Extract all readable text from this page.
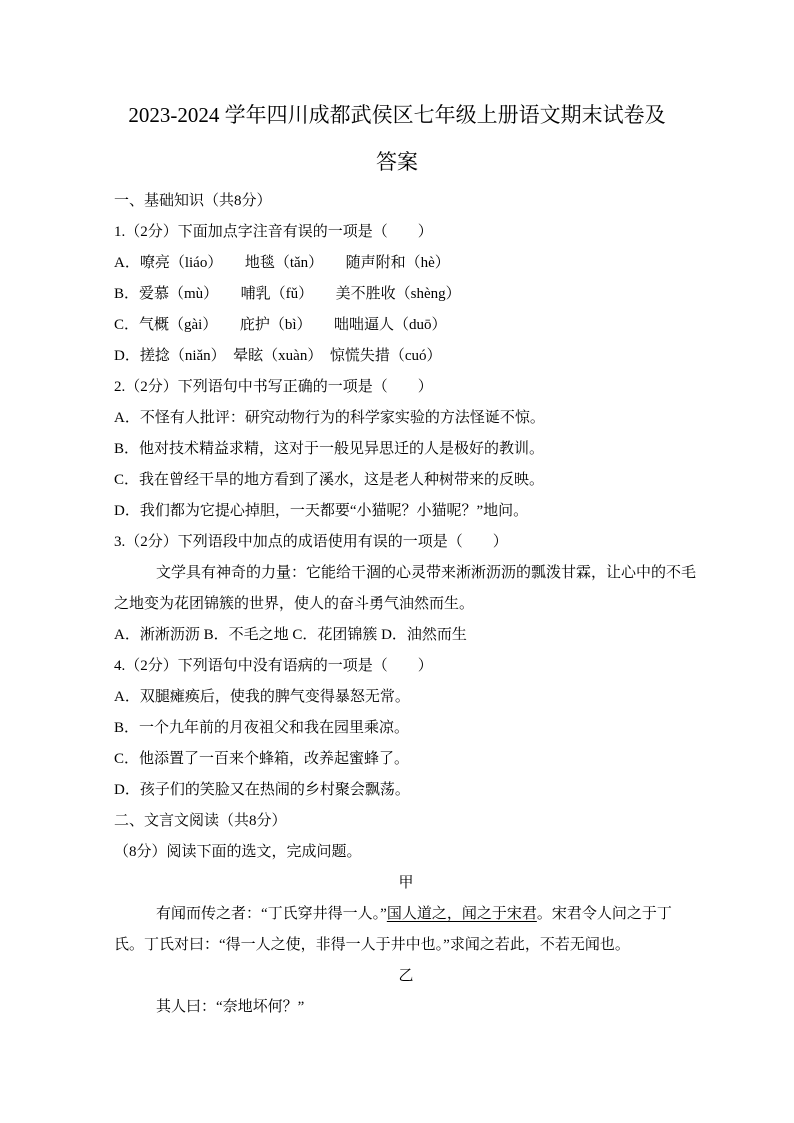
2023-2024 学年四川成都武侯区七年级上册语文期末试卷及

答案

一、基础知识（共8分）

1.（2分）下面加点字注音有误的一项是（　　）

A．嘹亮（liáo）　　地毯（tǎn）　　随声附和（hè）

B．爱慕（mù）　　哺乳（fǔ）　　美不胜收（shèng）

C．气概（gài）　　庇护（bì）　　咄咄逼人（duō）

D．搓捻（niǎn）　晕眩（xuàn）　惊慌失措（cuó）

2.（2分）下列语句中书写正确的一项是（　　）

A．不怪有人批评：研究动物行为的科学家实验的方法怪诞不惊。

B．他对技术精益求精，这对于一般见异思迁的人是极好的教训。

C．我在曾经干旱的地方看到了溪水，这是老人种树带来的反映。

D．我们都为它提心掉胆，一天都要“小猫呢？小猫呢？”地问。

3.（2分）下列语段中加点的成语使用有误的一项是（　　）

文学具有神奇的力量：它能给干涸的心灵带来淅淅沥沥的瓢泼甘霖，让心中的不毛

之地变为花团锦簇的世界，使人的奋斗勇气油然而生。

A．淅淅沥沥 B．不毛之地 C．花团锦簇 D．油然而生

4.（2分）下列语句中没有语病的一项是（　　）

A．双腿瘫痪后，使我的脾气变得暴怒无常。

B．一个九年前的月夜祖父和我在园里乘凉。

C．他添置了一百来个蜂箱，改养起蜜蜂了。

D．孩子们的笑脸又在热闹的乡村聚会飘荡。

二、文言文阅读（共8分）

（8分）阅读下面的选文，完成问题。

甲

有闻而传之者：“丁氏穿井得一人。”国人道之，闻之于宋君。宋君令人问之于丁

氏。丁氏对曰：“得一人之使，非得一人于井中也。”求闻之若此，不若无闻也。

乙

其人曰：“奈地坏何？”
